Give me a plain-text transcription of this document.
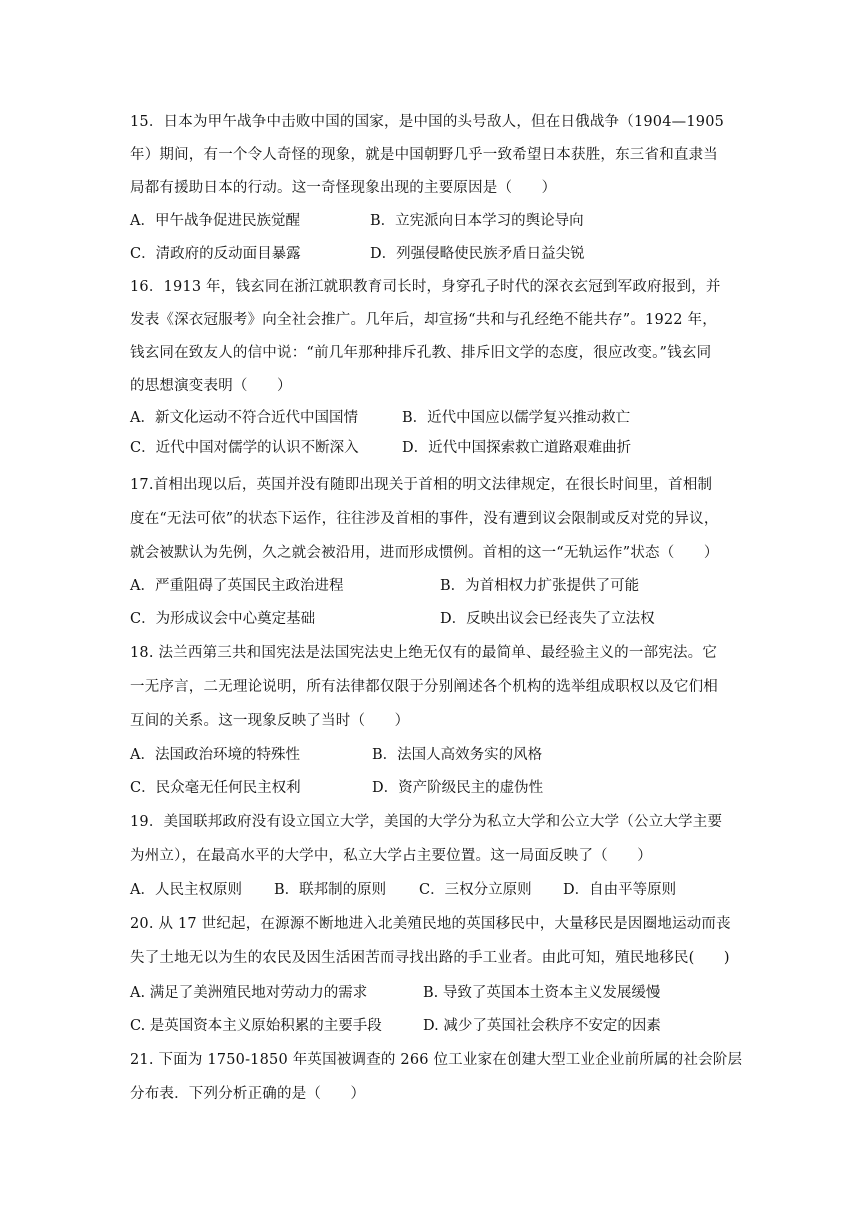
15．日本为甲午战争中击败中国的国家，是中国的头号敌人，但在日俄战争（1904—1905
年）期间，有一个令人奇怪的现象，就是中国朝野几乎一致希望日本获胜，东三省和直隶当
局都有援助日本的行动。这一奇怪现象出现的主要原因是（　　）
A．甲午战争促进民族觉醒	B．立宪派向日本学习的舆论导向
C．清政府的反动面目暴露	D．列强侵略使民族矛盾日益尖锐
16．1913 年，钱玄同在浙江就职教育司长时，身穿孔子时代的深衣玄冠到军政府报到，并
发表《深衣冠服考》向全社会推广。几年后，却宣扬“共和与孔经绝不能共存”。1922 年，
钱玄同在致友人的信中说：“前几年那种排斥孔教、排斥旧文学的态度，很应改变。”钱玄同
的思想演变表明（　　）
A．新文化运动不符合近代中国国情	B．近代中国应以儒学复兴推动救亡
C．近代中国对儒学的认识不断深入	D．近代中国探索救亡道路艰难曲折
17.首相出现以后，英国并没有随即出现关于首相的明文法律规定，在很长时间里，首相制
度在“无法可依”的状态下运作，往往涉及首相的事件，没有遭到议会限制或反对党的异议，
就会被默认为先例，久之就会被沿用，进而形成惯例。首相的这一“无轨运作”状态（　　）
A．严重阻碍了英国民主政治进程	B．为首相权力扩张提供了可能
C．为形成议会中心奠定基础	D．反映出议会已经丧失了立法权
18. 法兰西第三共和国宪法是法国宪法史上绝无仅有的最简单、最经验主义的一部宪法。它
一无序言，二无理论说明，所有法律都仅限于分别阐述各个机构的选举组成职权以及它们相
互间的关系。这一现象反映了当时（　　）
A．法国政治环境的特殊性	B．法国人高效务实的风格
C．民众毫无任何民主权利	D．资产阶级民主的虚伪性
19．美国联邦政府没有设立国立大学，美国的大学分为私立大学和公立大学（公立大学主要
为州立），在最高水平的大学中，私立大学占主要位置。这一局面反映了（　　）
A．人民主权原则 B．联邦制的原则 C．三权分立原则 D．自由平等原则
20. 从 17 世纪起，在源源不断地进入北美殖民地的英国移民中，大量移民是因圈地运动而丧
失了土地无以为生的农民及因生活困苦而寻找出路的手工业者。由此可知，殖民地移民(　　)
A. 满足了美洲殖民地对劳动力的需求	B. 导致了英国本土资本主义发展缓慢
C. 是英国资本主义原始积累的主要手段	D. 减少了英国社会秩序不安定的因素
21. 下面为 1750-1850 年英国被调查的 266 位工业家在创建大型工业企业前所属的社会阶层
分布表．下列分析正确的是（　　）
